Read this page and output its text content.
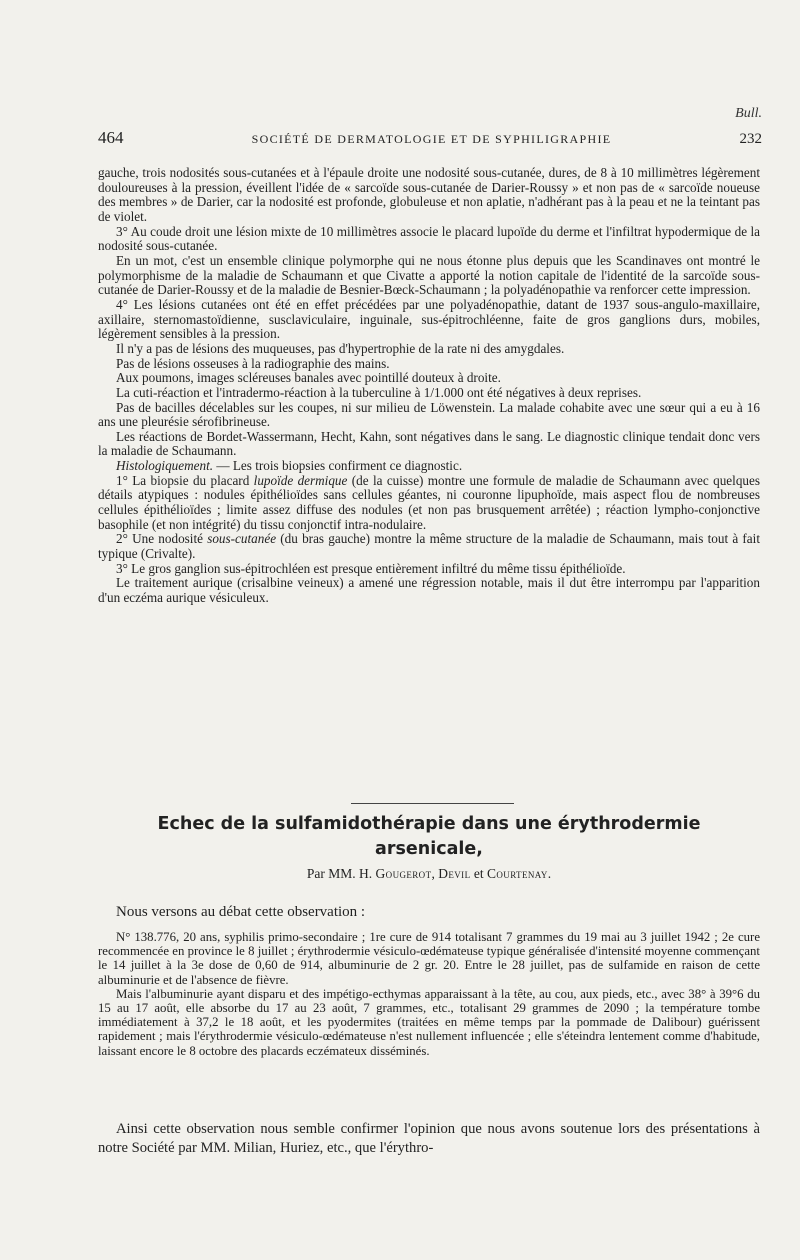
Bull.
464	SOCIÉTÉ DE DERMATOLOGIE ET DE SYPHILIGRAPHIE	232

gauche, trois nodosités sous-cutanées et à l'épaule droite une nodosité sous-cutanée, dures, de 8 à 10 millimètres légèrement douloureuses à la pression, éveillent l'idée de « sarcoïde sous-cutanée de Darier-Roussy » et non pas de « sarcoïde noueuse des membres » de Darier, car la nodosité est profonde, globuleuse et non aplatie, n'adhérant pas à la peau et ne la teintant pas de violet.

3° Au coude droit une lésion mixte de 10 millimètres associe le placard lupoïde du derme et l'infiltrat hypodermique de la nodosité sous-cutanée.

En un mot, c'est un ensemble clinique polymorphe qui ne nous étonne plus depuis que les Scandinaves ont montré le polymorphisme de la maladie de Schaumann et que Civatte a apporté la notion capitale de l'identité de la sarcoïde sous-cutanée de Darier-Roussy et de la maladie de Besnier-Bœck-Schaumann ; la polyadénopathie va renforcer cette impression.

4° Les lésions cutanées ont été en effet précédées par une polyadénopathie, datant de 1937 sous-angulo-maxillaire, axillaire, sternomastoïdienne, susclaviculaire, inguinale, sus-épitrochléenne, faite de gros ganglions durs, mobiles, légèrement sensibles à la pression.

Il n'y a pas de lésions des muqueuses, pas d'hypertrophie de la rate ni des amygdales.

Pas de lésions osseuses à la radiographie des mains.

Aux poumons, images scléreuses banales avec pointillé douteux à droite.

La cuti-réaction et l'intradermo-réaction à la tuberculine à 1/1.000 ont été négatives à deux reprises.

Pas de bacilles décelables sur les coupes, ni sur milieu de Löwenstein. La malade cohabite avec une sœur qui a eu à 16 ans une pleurésie sérofibrineuse.

Les réactions de Bordet-Wassermann, Hecht, Kahn, sont négatives dans le sang. Le diagnostic clinique tendait donc vers la maladie de Schaumann.

Histologiquement. — Les trois biopsies confirment ce diagnostic.

1° La biopsie du placard lupoïde dermique (de la cuisse) montre une formule de maladie de Schaumann avec quelques détails atypiques : nodules épithélioïdes sans cellules géantes, ni couronne lipuphoïde, mais aspect flou de nombreuses cellules épithélioïdes ; limite assez diffuse des nodules (et non pas brusquement arrêtée) ; réaction lympho-conjonctive basophile (et non intégrité) du tissu conjonctif intra-nodulaire.

2° Une nodosité sous-cutanée (du bras gauche) montre la même structure de la maladie de Schaumann, mais tout à fait typique (Crivalte).

3° Le gros ganglion sus-épitrochléen est presque entièrement infiltré du même tissu épithélioïde.

Le traitement aurique (crisalbine veineux) a amené une régression notable, mais il dut être interrompu par l'apparition d'un eczéma aurique vésiculeux.

Echec de la sulfamidothérapie dans une érythrodermie
arsenicale,
Par MM. H. Gougerot, Devil et Courtenay.
Nous versons au débat cette observation :

N° 138.776, 20 ans, syphilis primo-secondaire ; 1re cure de 914 totalisant 7 grammes du 19 mai au 3 juillet 1942 ; 2e cure recommencée en province le 8 juillet ; érythrodermie vésiculo-œdémateuse typique généralisée d'intensité moyenne commençant le 14 juillet à la 3e dose de 0,60 de 914, albuminurie de 2 gr. 20. Entre le 28 juillet, pas de sulfamide en raison de cette albuminurie et de l'absence de fièvre.

Mais l'albuminurie ayant disparu et des impétigo-ecthymas apparaissant à la tête, au cou, aux pieds, etc., avec 38° à 39°6 du 15 au 17 août, elle absorbe du 17 au 23 août, 7 grammes, etc., totalisant 29 grammes de 2090 ; la température tombe immédiatement à 37,2 le 18 août, et les pyodermites (traitées en même temps par la pommade de Dalibour) guérissent rapidement ; mais l'érythrodermie vésiculo-œdémateuse n'est nullement influencée ; elle s'éteindra lentement comme d'habitude, laissant encore le 8 octobre des placards eczémateux disséminés.

Ainsi cette observation nous semble confirmer l'opinion que nous avons soutenue lors des présentations à notre Société par MM. Milian, Huriez, etc., que l'érythro-
